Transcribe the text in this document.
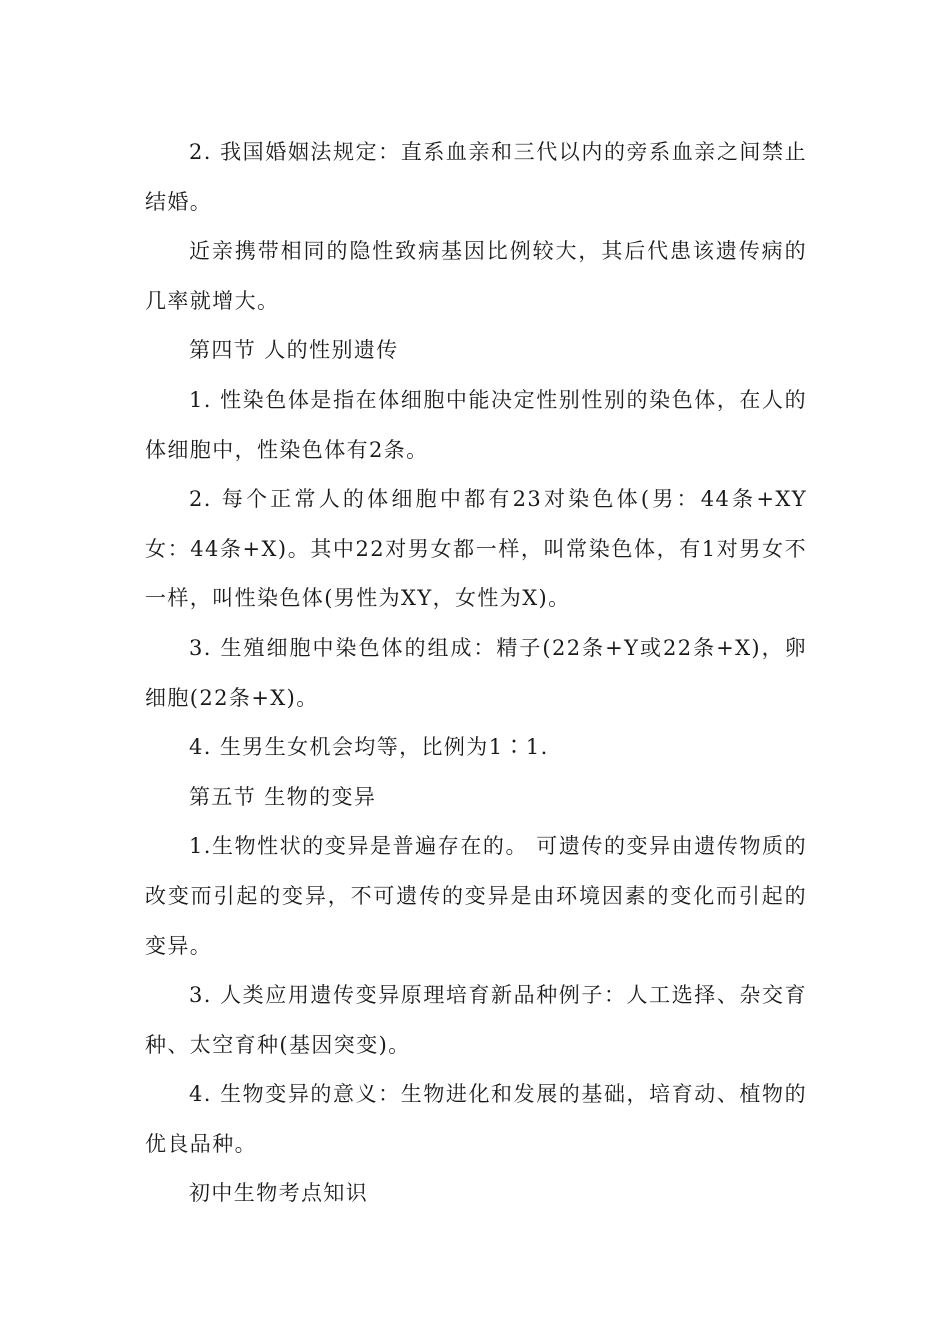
2. 我国婚姻法规定：直系血亲和三代以内的旁系血亲之间禁止结婚。

近亲携带相同的隐性致病基因比例较大，其后代患该遗传病的几率就增大。

第四节 人的性别遗传

1. 性染色体是指在体细胞中能决定性别性别的染色体，在人的体细胞中，性染色体有2条。

2. 每个正常人的体细胞中都有23对染色体(男：44条+XY 女：44条+X)。其中22对男女都一样，叫常染色体，有1对男女不一样，叫性染色体(男性为XY，女性为X)。

3. 生殖细胞中染色体的组成：精子(22条+Y或22条+X)，卵细胞(22条+X)。

4. 生男生女机会均等，比例为1∶1.

第五节 生物的变异

1.生物性状的变异是普遍存在的。 可遗传的变异由遗传物质的改变而引起的变异，不可遗传的变异是由环境因素的变化而引起的变异。

3. 人类应用遗传变异原理培育新品种例子：人工选择、杂交育种、太空育种(基因突变)。

4. 生物变异的意义：生物进化和发展的基础，培育动、植物的优良品种。

初中生物考点知识
